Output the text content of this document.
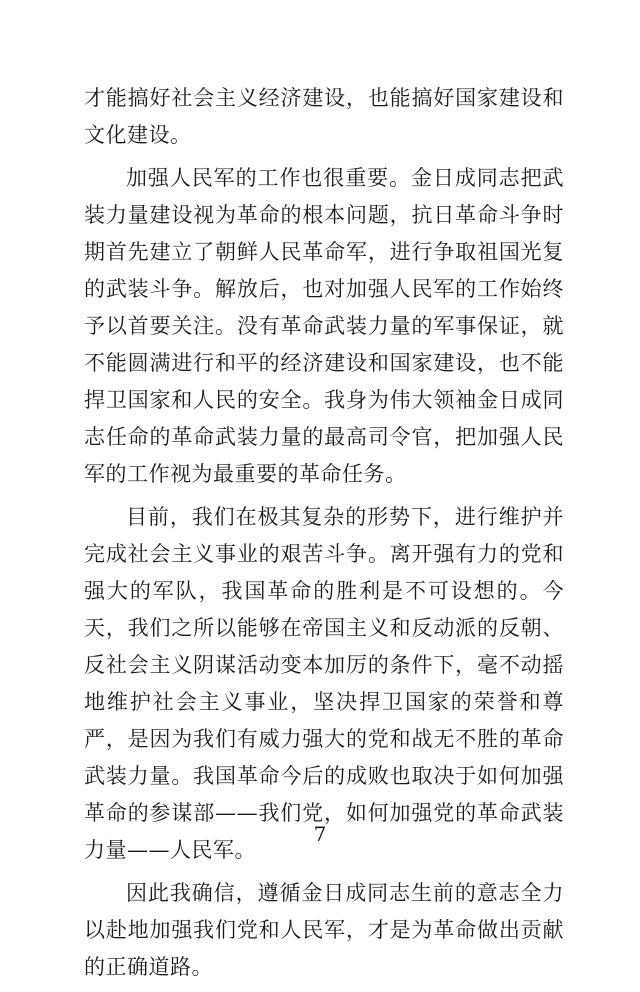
才能搞好社会主义经济建设，也能搞好国家建设和文化建设。

加强人民军的工作也很重要。金日成同志把武装力量建设视为革命的根本问题，抗日革命斗争时期首先建立了朝鲜人民革命军，进行争取祖国光复的武装斗争。解放后，也对加强人民军的工作始终予以首要关注。没有革命武装力量的军事保证，就不能圆满进行和平的经济建设和国家建设，也不能捍卫国家和人民的安全。我身为伟大领袖金日成同志任命的革命武装力量的最高司令官，把加强人民军的工作视为最重要的革命任务。

目前，我们在极其复杂的形势下，进行维护并完成社会主义事业的艰苦斗争。离开强有力的党和强大的军队，我国革命的胜利是不可设想的。今天，我们之所以能够在帝国主义和反动派的反朝、反社会主义阴谋活动变本加厉的条件下，毫不动摇地维护社会主义事业，坚决捍卫国家的荣誉和尊严，是因为我们有威力强大的党和战无不胜的革命武装力量。我国革命今后的成败也取决于如何加强革命的参谋部——我们党，如何加强党的革命武装力量——人民军。

因此我确信，遵循金日成同志生前的意志全力以赴地加强我们党和人民军，才是为革命做出贡献的正确道路。

7
